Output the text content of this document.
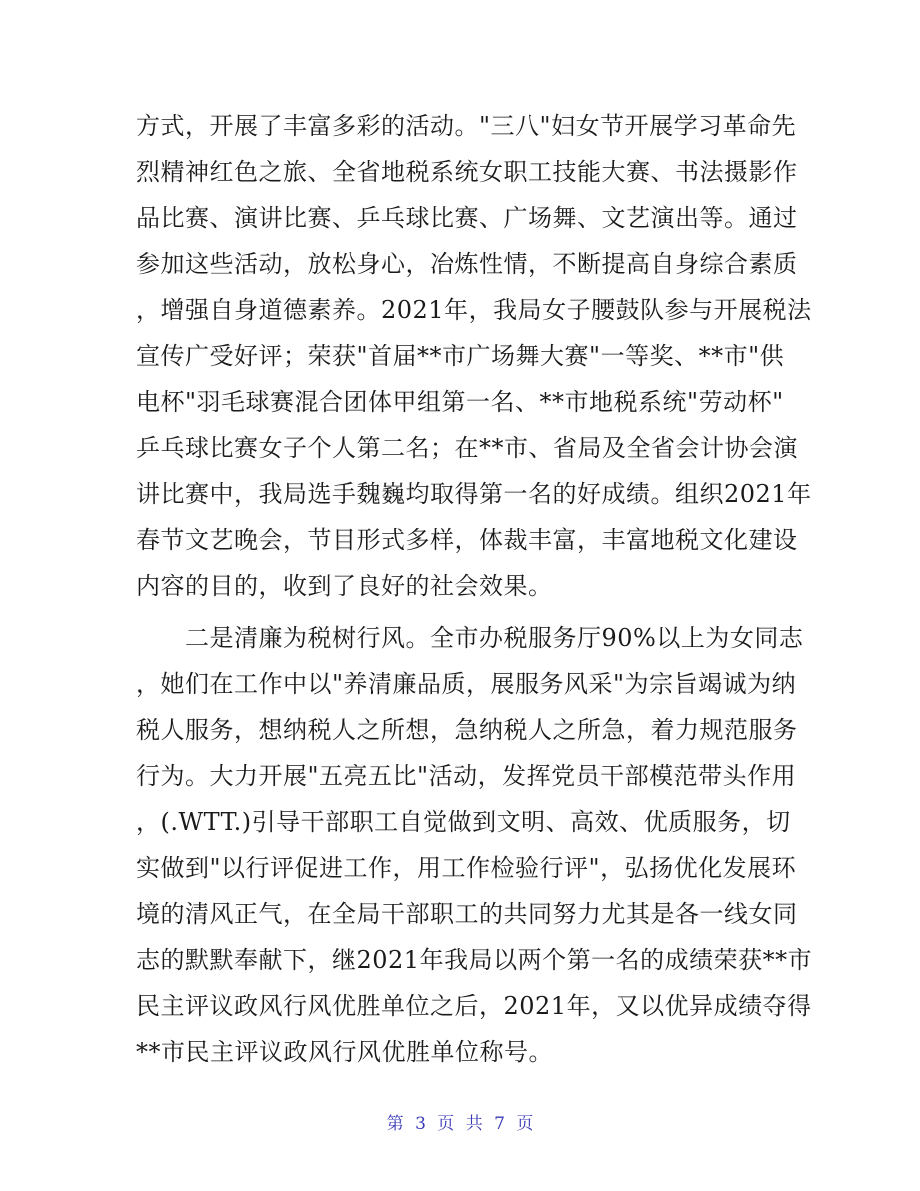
方式，开展了丰富多彩的活动。"三八"妇女节开展学习革命先
烈精神红色之旅、全省地税系统女职工技能大赛、书法摄影作
品比赛、演讲比赛、乒乓球比赛、广场舞、文艺演出等。通过
参加这些活动，放松身心，冶炼性情，不断提高自身综合素质
，增强自身道德素养。2021年，我局女子腰鼓队参与开展税法
宣传广受好评；荣获"首届**市广场舞大赛"一等奖、**市"供
电杯"羽毛球赛混合团体甲组第一名、**市地税系统"劳动杯"
乒乓球比赛女子个人第二名；在**市、省局及全省会计协会演
讲比赛中，我局选手魏巍均取得第一名的好成绩。组织2021年
春节文艺晚会，节目形式多样，体裁丰富，丰富地税文化建设
内容的目的，收到了良好的社会效果。
　　二是清廉为税树行风。全市办税服务厅90%以上为女同志
，她们在工作中以"养清廉品质，展服务风采"为宗旨竭诚为纳
税人服务，想纳税人之所想，急纳税人之所急，着力规范服务
行为。大力开展"五亮五比"活动，发挥党员干部模范带头作用
，(.WTT.)引导干部职工自觉做到文明、高效、优质服务，切
实做到"以行评促进工作，用工作检验行评"，弘扬优化发展环
境的清风正气，在全局干部职工的共同努力尤其是各一线女同
志的默默奉献下，继2021年我局以两个第一名的成绩荣获**市
民主评议政风行风优胜单位之后，2021年，又以优异成绩夺得
**市民主评议政风行风优胜单位称号。
第 3 页 共 7 页
